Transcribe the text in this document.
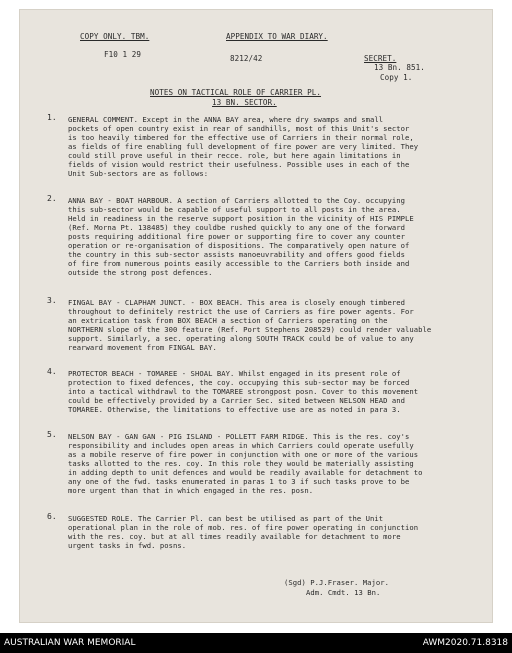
COPY ONLY. TBM.	APPENDIX TO WAR DIARY.
F10 1 29	8212/42	SECRET.
13 Bn. 851.
Copy 1.
NOTES ON TACTICAL ROLE OF CARRIER PL.
13 BN. SECTOR.
1. GENERAL COMMENT. Except in the ANNA BAY area, where dry swamps and small
pockets of open country exist in rear of sandhills, most of this Unit's sector
is too heavily timbered for the effective use of Carriers in their normal role,
as fields of fire enabling full development of fire power are very limited. They
could still prove useful in their recce. role, but here again limitations in
fields of vision would restrict their usefulness. Possible uses in each of the
Unit Sub-sectors are as follows:
2. ANNA BAY - BOAT HARBOUR. A section of Carriers allotted to the Coy. occupying
this sub-sector would be capable of useful support to all posts in the area.
Held in readiness in the reserve support position in the vicinity of HIS PIMPLE
(Ref. Morna Pt. 138485) they couldbe rushed quickly to any one of the forward
posts requiring additional fire power or supporting fire to cover any counter
operation or re-organisation of dispositions. The comparatively open nature of
the country in this sub-sector assists manoeuvrability and offers good fields
of fire from numerous points easily accessible to the Carriers both inside and
outside the strong post defences.
3. FINGAL BAY - CLAPHAM JUNCT. - BOX BEACH. This area is closely enough timbered
throughout to definitely restrict the use of Carriers as fire power agents. For
an extrication task from BOX BEACH a section of Carriers operating on the
NORTHERN slope of the 300 feature (Ref. Port Stephens 208529) could render valuable
support. Similarly, a sec. operating along SOUTH TRACK could be of value to any
rearward movement from FINGAL BAY.
4. PROTECTOR BEACH - TOMAREE - SHOAL BAY. Whilst engaged in its present role of
protection to fixed defences, the coy. occupying this sub-sector may be forced
into a tactical withdrawl to the TOMAREE strongpost posn. Cover to this movement
could be effectively provided by a Carrier Sec. sited between NELSON HEAD and
TOMAREE. Otherwise, the limitations to effective use are as noted in para 3.
5. NELSON BAY - GAN GAN - PIG ISLAND - POLLETT FARM RIDGE. This is the res. coy's
responsibility and includes open areas in which Carriers could operate usefully
as a mobile reserve of fire power in conjunction with one or more of the various
tasks allotted to the res. coy. In this role they would be materially assisting
in adding depth to unit defences and would be readily available for detachment to
any one of the fwd. tasks enumerated in paras 1 to 3 if such tasks prove to be
more urgent than that in which engaged in the res. posn.
6. SUGGESTED ROLE. The Carrier Pl. can best be utilised as part of the Unit
operational plan in the role of mob. res. of fire power operating in conjunction
with the res. coy. but at all times readily available for detachment to more
urgent tasks in fwd. posns.
(Sgd) P.J.Fraser. Major.
Adm. Cmdt. 13 Bn.
AUSTRALIAN WAR MEMORIAL	AWM2020.71.8318
